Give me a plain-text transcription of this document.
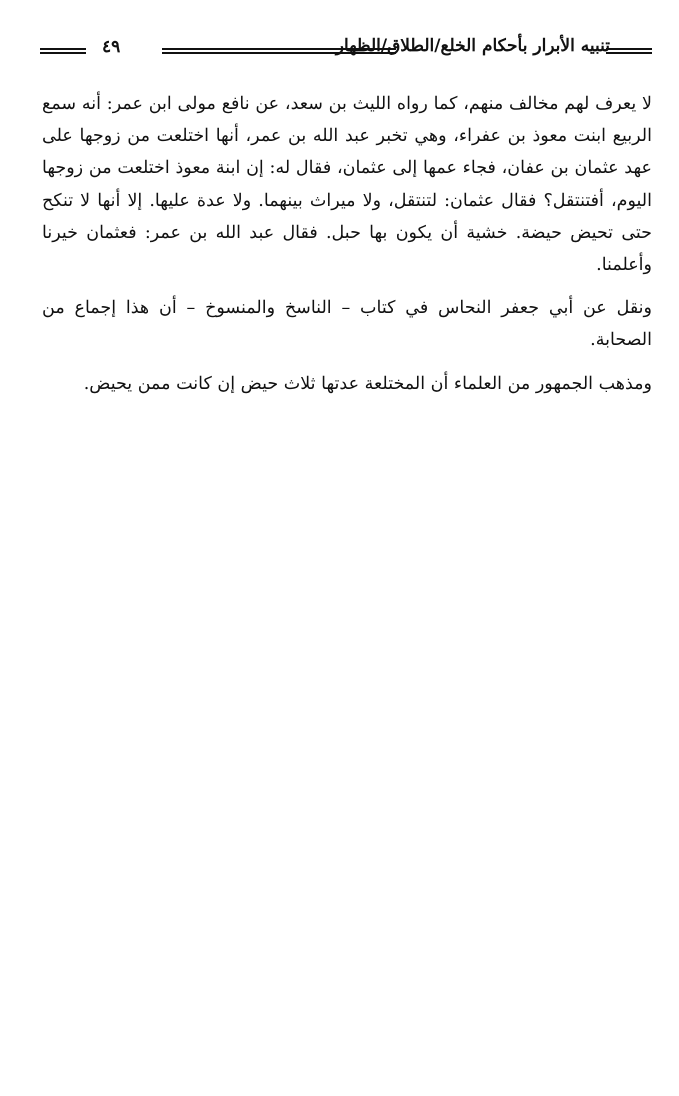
تنبيه الأبرار بأحكام الخلع/الطلاق/الظهار
٤٩

لا يعرف لهم مخالف منهم، كما رواه الليث بن سعد، عن نافع مولى ابن عمر: أنه سمع الربيع ابنت معوذ بن عفراء، وهي تخبر عبد الله بن عمر، أنها اختلعت من زوجها على عهد عثمان بن عفان، فجاء عمها إلى عثمان، فقال له: إن ابنة معوذ اختلعت من زوجها اليوم، أفتنتقل؟ فقال عثمان: لتنتقل، ولا ميراث بينهما. ولا عدة عليها. إلا أنها لا تنكح حتى تحيض حيضة. خشية أن يكون بها حبل. فقال عبد الله بن عمر: فعثمان خيرنا وأعلمنا.

ونقل عن أبي جعفر النحاس في كتاب – الناسخ والمنسوخ – أن هذا إجماع من الصحابة.

ومذهب الجمهور من العلماء أن المختلعة عدتها ثلاث حيض إن كانت ممن يحيض.
